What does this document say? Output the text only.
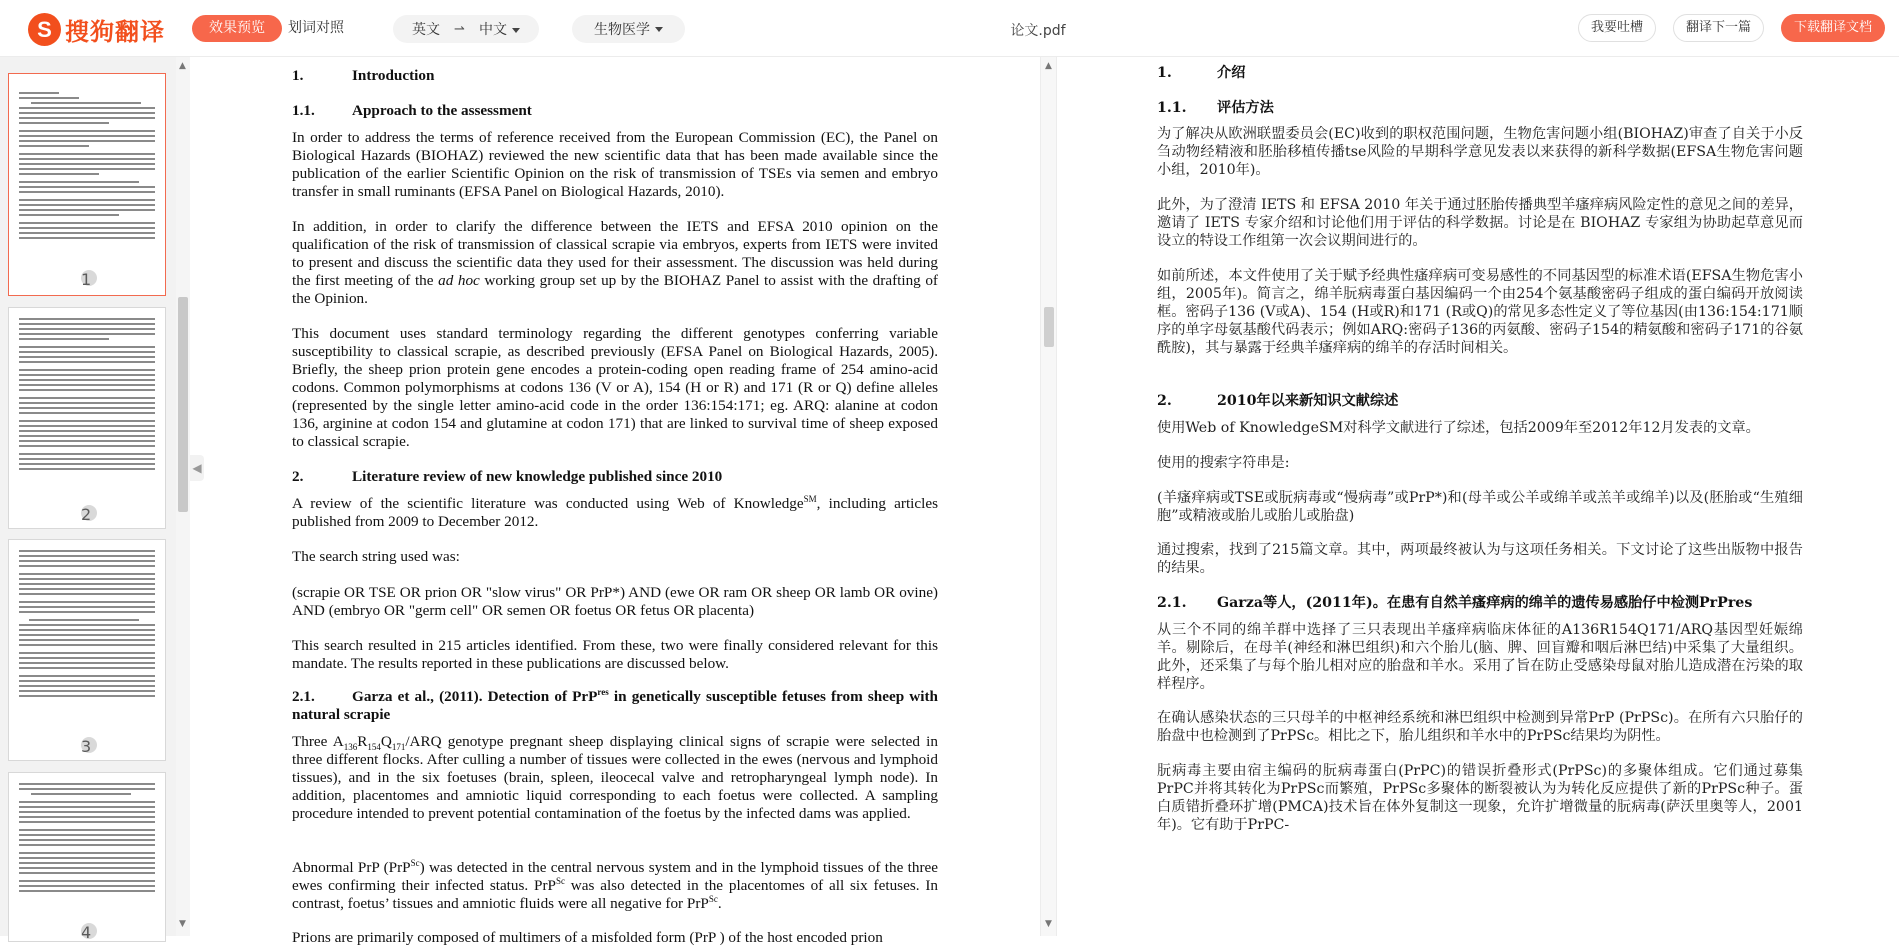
S 搜狗翻译	效果预览	划词对照	英文 ⇀ 中文	生物医学	论文.pdf	我要吐槽	翻译下一篇	下载翻译文档
1
2
3
4
▲
▼
1.	Introduction
1.1. Approach to the assessment
In order to address the terms of reference received from the European Commission (EC), the Panel on Biological Hazards (BIOHAZ) reviewed the new scientific data that has been made available since the publication of the earlier Scientific Opinion on the risk of transmission of TSEs via semen and embryo transfer in small ruminants (EFSA Panel on Biological Hazards, 2010).
In addition, in order to clarify the difference between the IETS and EFSA 2010 opinion on the qualification of the risk of transmission of classical scrapie via embryos, experts from IETS were invited to present and discuss the scientific data they used for their assessment. The discussion was held during the first meeting of the ad hoc working group set up by the BIOHAZ Panel to assist with the drafting of the Opinion.
This document uses standard terminology regarding the different genotypes conferring variable susceptibility to classical scrapie, as described previously (EFSA Panel on Biological Hazards, 2005). Briefly, the sheep prion protein gene encodes a protein-coding open reading frame of 254 amino-acid codons. Common polymorphisms at codons 136 (V or A), 154 (H or R) and 171 (R or Q) define alleles (represented by the single letter amino-acid code in the order 136:154:171; eg. ARQ: alanine at codon 136, arginine at codon 154 and glutamine at codon 171) that are linked to survival time of sheep exposed to classical scrapie.
2.	Literature review of new knowledge published since 2010
A review of the scientific literature was conducted using Web of Knowledge℠, including articles published from 2009 to December 2012.
The search string used was:
(scrapie OR TSE OR prion OR "slow virus" OR PrP*) AND (ewe OR ram OR sheep OR lamb OR ovine) AND (embryo OR "germ cell" OR semen OR foetus OR fetus OR placenta)
This search resulted in 215 articles identified. From these, two were finally considered relevant for this mandate. The results reported in these publications are discussed below.
2.1. Garza et al., (2011). Detection of PrP$^{res}$ in genetically susceptible fetuses from sheep with natural scrapie
Three $A_{136}R_{154}Q_{171}$/ARQ genotype pregnant sheep displaying clinical signs of scrapie were selected in three different flocks. After culling a number of tissues were collected in the ewes (nervous and lymphoid tissues), and in the six foetuses (brain, spleen, ileocecal valve and retropharyngeal lymph node). In addition, placentomes and amniotic liquid corresponding to each foetus were collected. A sampling procedure intended to prevent potential contamination of the foetus by the infected dams was applied.
Abnormal PrP (PrP$^{Sc}$) was detected in the central nervous system and in the lymphoid tissues of the three ewes confirming their infected status. PrP$^{Sc}$ was also detected in the placentomes of all six fetuses. In contrast, foetus’ tissues and amniotic fluids were all negative for PrP$^{Sc}$.
Prions are primarily composed of multimers of a misfolded form (PrP ) of the host encoded prion
◀
▲
▼
1.	介绍
1.1. 评估方法
为了解决从欧洲联盟委员会(EC)收到的职权范围问题，生物危害问题小组(BIOHAZ)审查了自关于小反刍动物经精液和胚胎移植传播tse风险的早期科学意见发表以来获得的新科学数据(EFSA生物危害问题小组，2010年)。
此外，为了澄清 IETS 和 EFSA 2010 年关于通过胚胎传播典型羊瘙痒病风险定性的意见之间的差异，邀请了 IETS 专家介绍和讨论他们用于评估的科学数据。讨论是在 BIOHAZ 专家组为协助起草意见而设立的特设工作组第一次会议期间进行的。
如前所述，本文件使用了关于赋予经典性瘙痒病可变易感性的不同基因型的标准术语(EFSA生物危害小组，2005年)。简言之，绵羊朊病毒蛋白基因编码一个由254个氨基酸密码子组成的蛋白编码开放阅读框。密码子136 (V或A)、154 (H或R)和171 (R或Q)的常见多态性定义了等位基因(由136:154:171顺序的单字母氨基酸代码表示；例如ARQ:密码子136的丙氨酸、密码子154的精氨酸和密码子171的谷氨酰胺)，其与暴露于经典羊瘙痒病的绵羊的存活时间相关。
2.	2010年以来新知识文献综述
使用Web of KnowledgeSM对科学文献进行了综述，包括2009年至2012年12月发表的文章。
使用的搜索字符串是:
(羊瘙痒病或TSE或朊病毒或“慢病毒”或PrP*)和(母羊或公羊或绵羊或羔羊或绵羊)以及(胚胎或“生殖细胞”或精液或胎儿或胎儿或胎盘)
通过搜索，找到了215篇文章。其中，两项最终被认为与这项任务相关。下文讨论了这些出版物中报告的结果。
2.1. Garza等人，(2011年)。在患有自然羊瘙痒病的绵羊的遗传易感胎仔中检测PrPres
从三个不同的绵羊群中选择了三只表现出羊瘙痒病临床体征的A136R154Q171/ARQ基因型妊娠绵羊。剔除后，在母羊(神经和淋巴组织)和六个胎儿(脑、脾、回盲瓣和咽后淋巴结)中采集了大量组织。此外，还采集了与每个胎儿相对应的胎盘和羊水。采用了旨在防止受感染母鼠对胎儿造成潜在污染的取样程序。
在确认感染状态的三只母羊的中枢神经系统和淋巴组织中检测到异常PrP (PrPSc)。在所有六只胎仔的胎盘中也检测到了PrPSc。相比之下，胎儿组织和羊水中的PrPSc结果均为阴性。
朊病毒主要由宿主编码的朊病毒蛋白(PrPC)的错误折叠形式(PrPSc)的多聚体组成。它们通过募集PrPC并将其转化为PrPSc而繁殖，PrPSc多聚体的断裂被认为为转化反应提供了新的PrPSc种子。蛋白质错折叠环扩增(PMCA)技术旨在体外复制这一现象，允许扩增微量的朊病毒(萨沃里奥等人，2001年)。它有助于PrPC-
